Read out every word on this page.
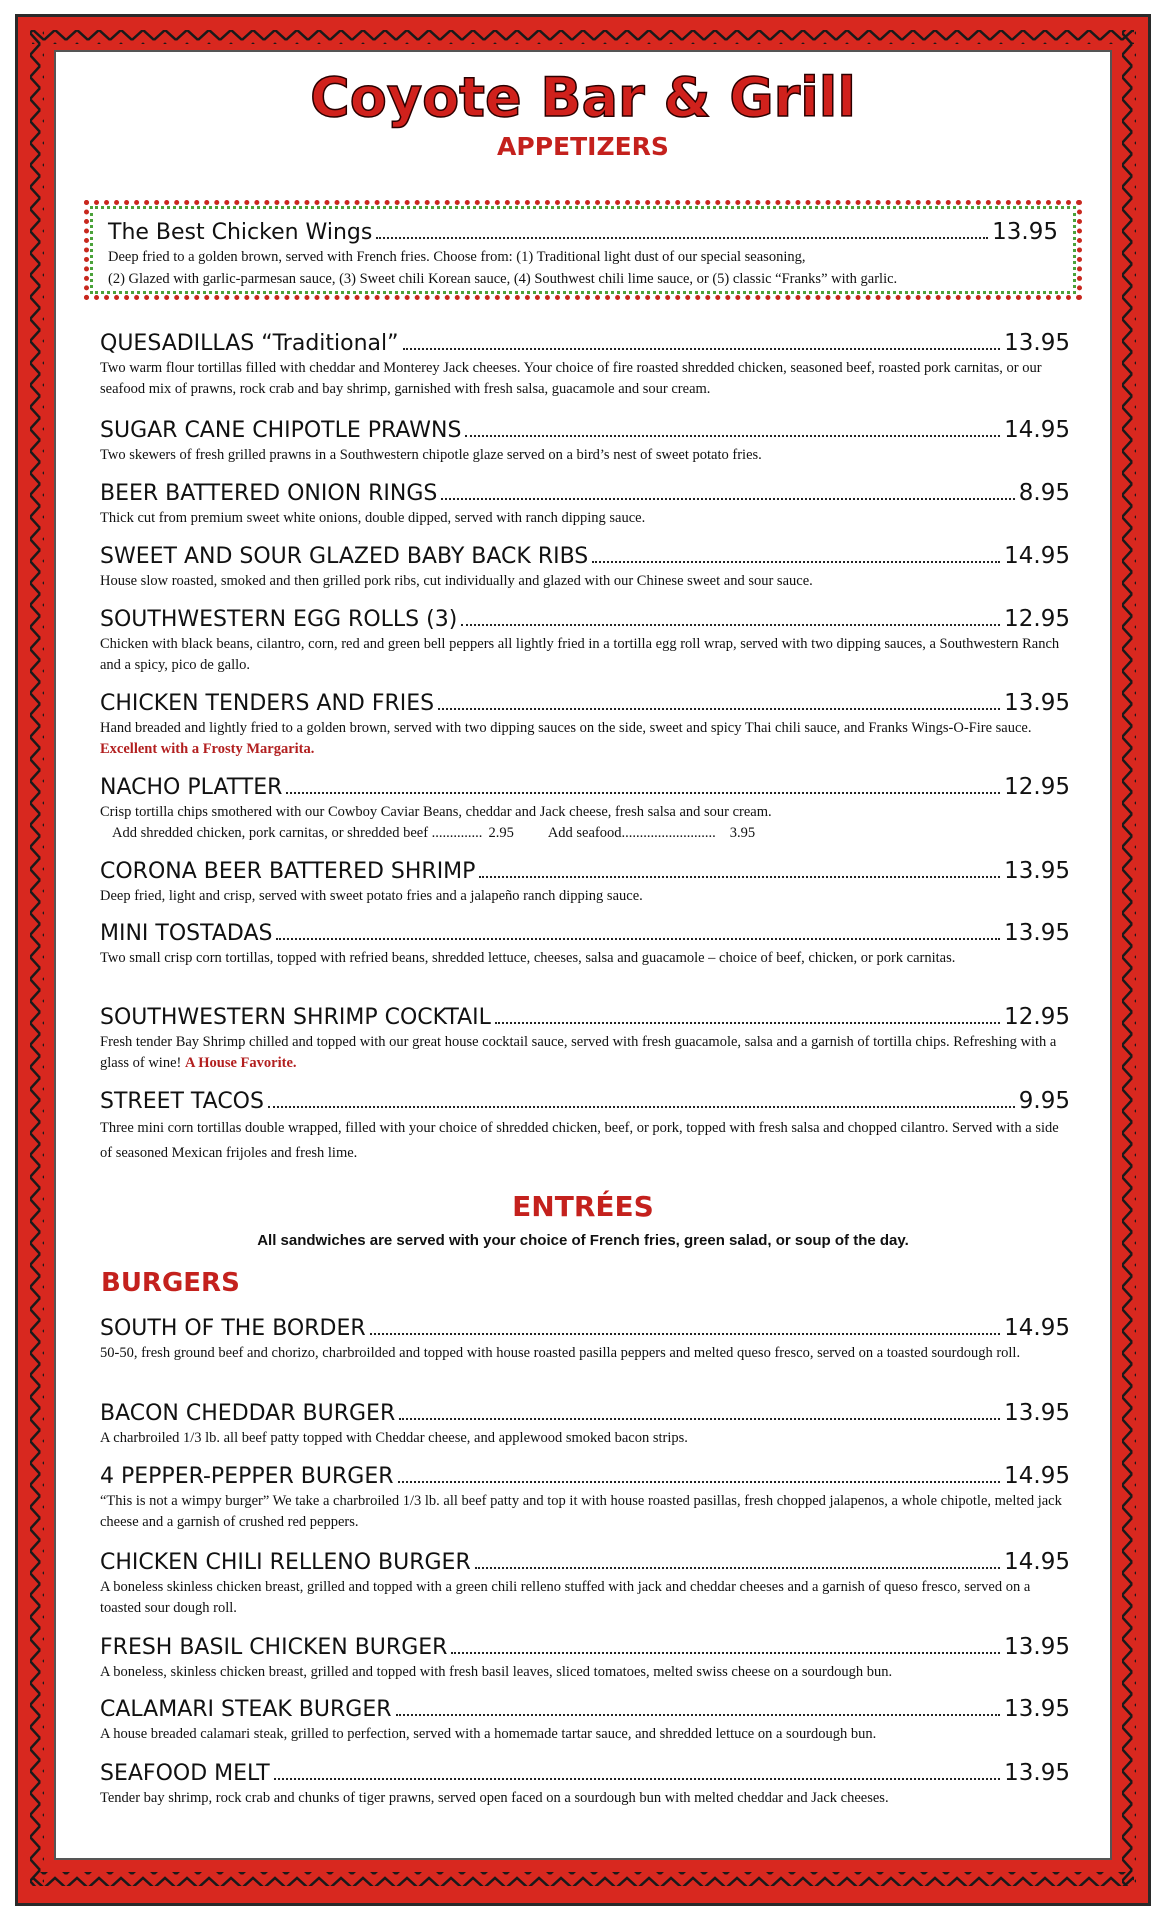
Coyote Bar & Grill
APPETIZERS
The Best Chicken Wings	13.95
Deep fried to a golden brown, served with French fries. Choose from: (1) Traditional light dust of our special seasoning,
(2) Glazed with garlic-parmesan sauce, (3) Sweet chili Korean sauce, (4) Southwest chili lime sauce, or (5) classic “Franks” with garlic.
QUESADILLAS “Traditional”	13.95
Two warm flour tortillas filled with cheddar and Monterey Jack cheeses. Your choice of fire roasted shredded chicken, seasoned beef, roasted pork carnitas, or our seafood mix of prawns, rock crab and bay shrimp, garnished with fresh salsa, guacamole and sour cream.
SUGAR CANE CHIPOTLE PRAWNS	14.95
Two skewers of fresh grilled prawns in a Southwestern chipotle glaze served on a bird’s nest of sweet potato fries.
BEER BATTERED ONION RINGS	8.95
Thick cut from premium sweet white onions, double dipped, served with ranch dipping sauce.
SWEET AND SOUR GLAZED BABY BACK RIBS	14.95
House slow roasted, smoked and then grilled pork ribs, cut individually and glazed with our Chinese sweet and sour sauce.
SOUTHWESTERN EGG ROLLS (3)	12.95
Chicken with black beans, cilantro, corn, red and green bell peppers all lightly fried in a tortilla egg roll wrap, served with two dipping sauces, a Southwestern Ranch and a spicy, pico de gallo.
CHICKEN TENDERS AND FRIES	13.95
Hand breaded and lightly fried to a golden brown, served with two dipping sauces on the side, sweet and spicy Thai chili sauce, and Franks Wings-O-Fire sauce. Excellent with a Frosty Margarita.
NACHO PLATTER	12.95
Crisp tortilla chips smothered with our Cowboy Caviar Beans, cheddar and Jack cheese, fresh salsa and sour cream.
Add shredded chicken, pork carnitas, or shredded beef .............. 2.95 Add seafood.......................... 3.95
CORONA BEER BATTERED SHRIMP	13.95
Deep fried, light and crisp, served with sweet potato fries and a jalapeño ranch dipping sauce.
MINI TOSTADAS	13.95
Two small crisp corn tortillas, topped with refried beans, shredded lettuce, cheeses, salsa and guacamole – choice of beef, chicken, or pork carnitas.
SOUTHWESTERN SHRIMP COCKTAIL	12.95
Fresh tender Bay Shrimp chilled and topped with our great house cocktail sauce, served with fresh guacamole, salsa and a garnish of tortilla chips. Refreshing with a glass of wine! A House Favorite.
STREET TACOS	9.95
Three mini corn tortillas double wrapped, filled with your choice of shredded chicken, beef, or pork, topped with fresh salsa and chopped cilantro. Served with a side of seasoned Mexican frijoles and fresh lime.
ENTRÉES
All sandwiches are served with your choice of French fries, green salad, or soup of the day.
BURGERS
SOUTH OF THE BORDER	14.95
50-50, fresh ground beef and chorizo, charbroilded and topped with house roasted pasilla peppers and melted queso fresco, served on a toasted sourdough roll.
BACON CHEDDAR BURGER	13.95
A charbroiled 1/3 lb. all beef patty topped with Cheddar cheese, and applewood smoked bacon strips.
4 PEPPER-PEPPER BURGER	14.95
“This is not a wimpy burger” We take a charbroiled 1/3 lb. all beef patty and top it with house roasted pasillas, fresh chopped jalapenos, a whole chipotle, melted jack cheese and a garnish of crushed red peppers.
CHICKEN CHILI RELLENO BURGER	14.95
A boneless skinless chicken breast, grilled and topped with a green chili relleno stuffed with jack and cheddar cheeses and a garnish of queso fresco, served on a toasted sour dough roll.
FRESH BASIL CHICKEN BURGER	13.95
A boneless, skinless chicken breast, grilled and topped with fresh basil leaves, sliced tomatoes, melted swiss cheese on a sourdough bun.
CALAMARI STEAK BURGER	13.95
A house breaded calamari steak, grilled to perfection, served with a homemade tartar sauce, and shredded lettuce on a sourdough bun.
SEAFOOD MELT	13.95
Tender bay shrimp, rock crab and chunks of tiger prawns, served open faced on a sourdough bun with melted cheddar and Jack cheeses.
